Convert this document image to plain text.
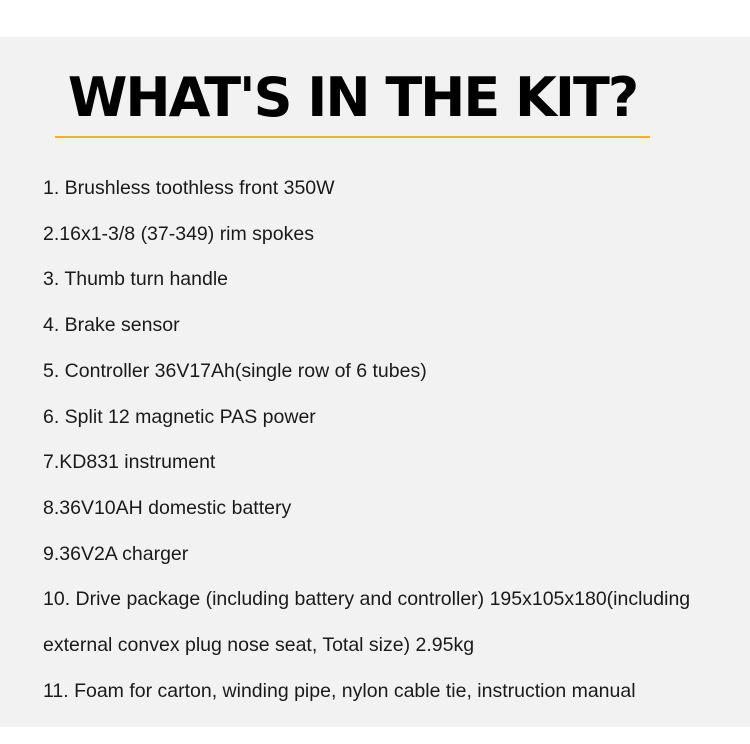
WHAT'S IN THE KIT?
1. Brushless toothless front 350W
2.16x1-3/8 (37-349) rim spokes
3. Thumb turn handle
4. Brake sensor
5. Controller 36V17Ah(single row of 6 tubes)
6. Split 12 magnetic PAS power
7.KD831 instrument
8.36V10AH domestic battery
9.36V2A charger
10. Drive package (including battery and controller) 195x105x180(including external convex plug nose seat, Total size) 2.95kg
11. Foam for carton, winding pipe, nylon cable tie, instruction manual
